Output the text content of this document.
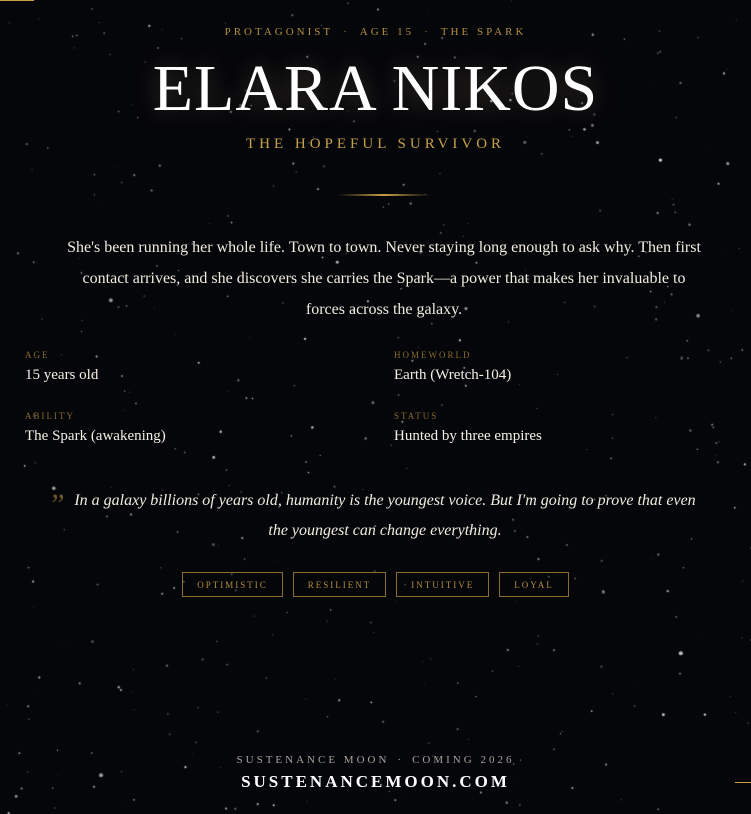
PROTAGONIST · AGE 15 · THE SPARK
ELARA NIKOS
THE HOPEFUL SURVIVOR
She's been running her whole life. Town to town. Never staying long enough to ask why. Then first contact arrives, and she discovers she carries the Spark—a power that makes her invaluable to forces across the galaxy.
AGE
15 years old
HOMEWORLD
Earth (Wretch-104)
ABILITY
The Spark (awakening)
STATUS
Hunted by three empires
” In a galaxy billions of years old, humanity is the youngest voice. But I'm going to prove that even the youngest can change everything.
OPTIMISTIC	RESILIENT	INTUITIVE	LOYAL
SUSTENANCE MOON · COMING 2026
SUSTENANCEMOON.COM
